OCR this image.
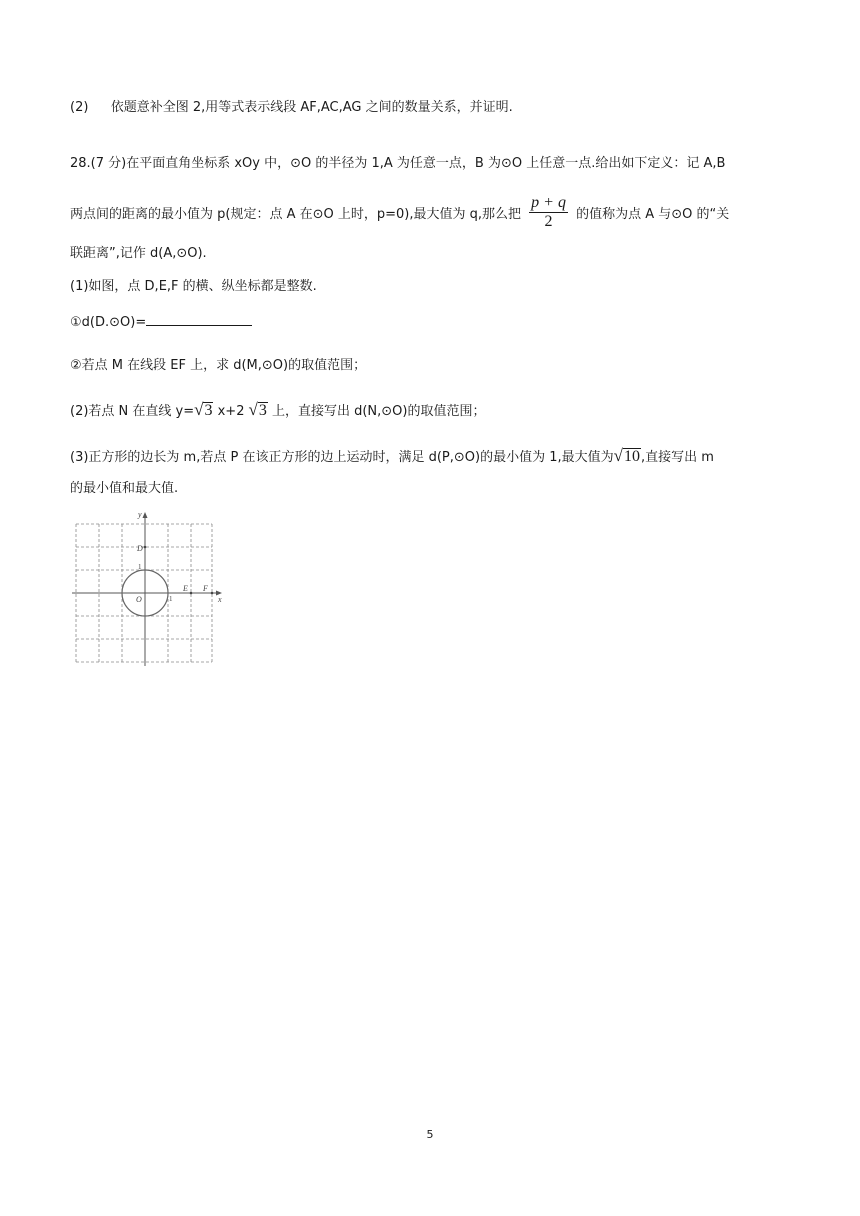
(2) 依题意补全图 2,用等式表示线段 AF,AC,AG 之间的数量关系，并证明.
28.(7 分)在平面直角坐标系 xOy 中，⊙O 的半径为 1,A 为任意一点，B 为⊙O 上任意一点.给出如下定义：记 A,B
两点间的距离的最小值为 p(规定：点 A 在⊙O 上时，p=0),最大值为 q,那么把 $\frac{p + q}{2}$ 的值称为点 A 与⊙O 的“关
联距离”,记作 d(A,⊙O).
(1)如图，点 D,E,F 的横、纵坐标都是整数.
①d(D.⊙O)=
②若点 M 在线段 EF 上，求 d(M,⊙O)的取值范围；
(2)若点 N 在直线 y=√3 x+2 √3 上，直接写出 d(N,⊙O)的取值范围；
(3)正方形的边长为 m,若点 P 在该正方形的边上运动时，满足 d(P,⊙O)的最小值为 1,最大值为√10,直接写出 m
的最小值和最大值.
y
x
D
O
E F
1
1
5
